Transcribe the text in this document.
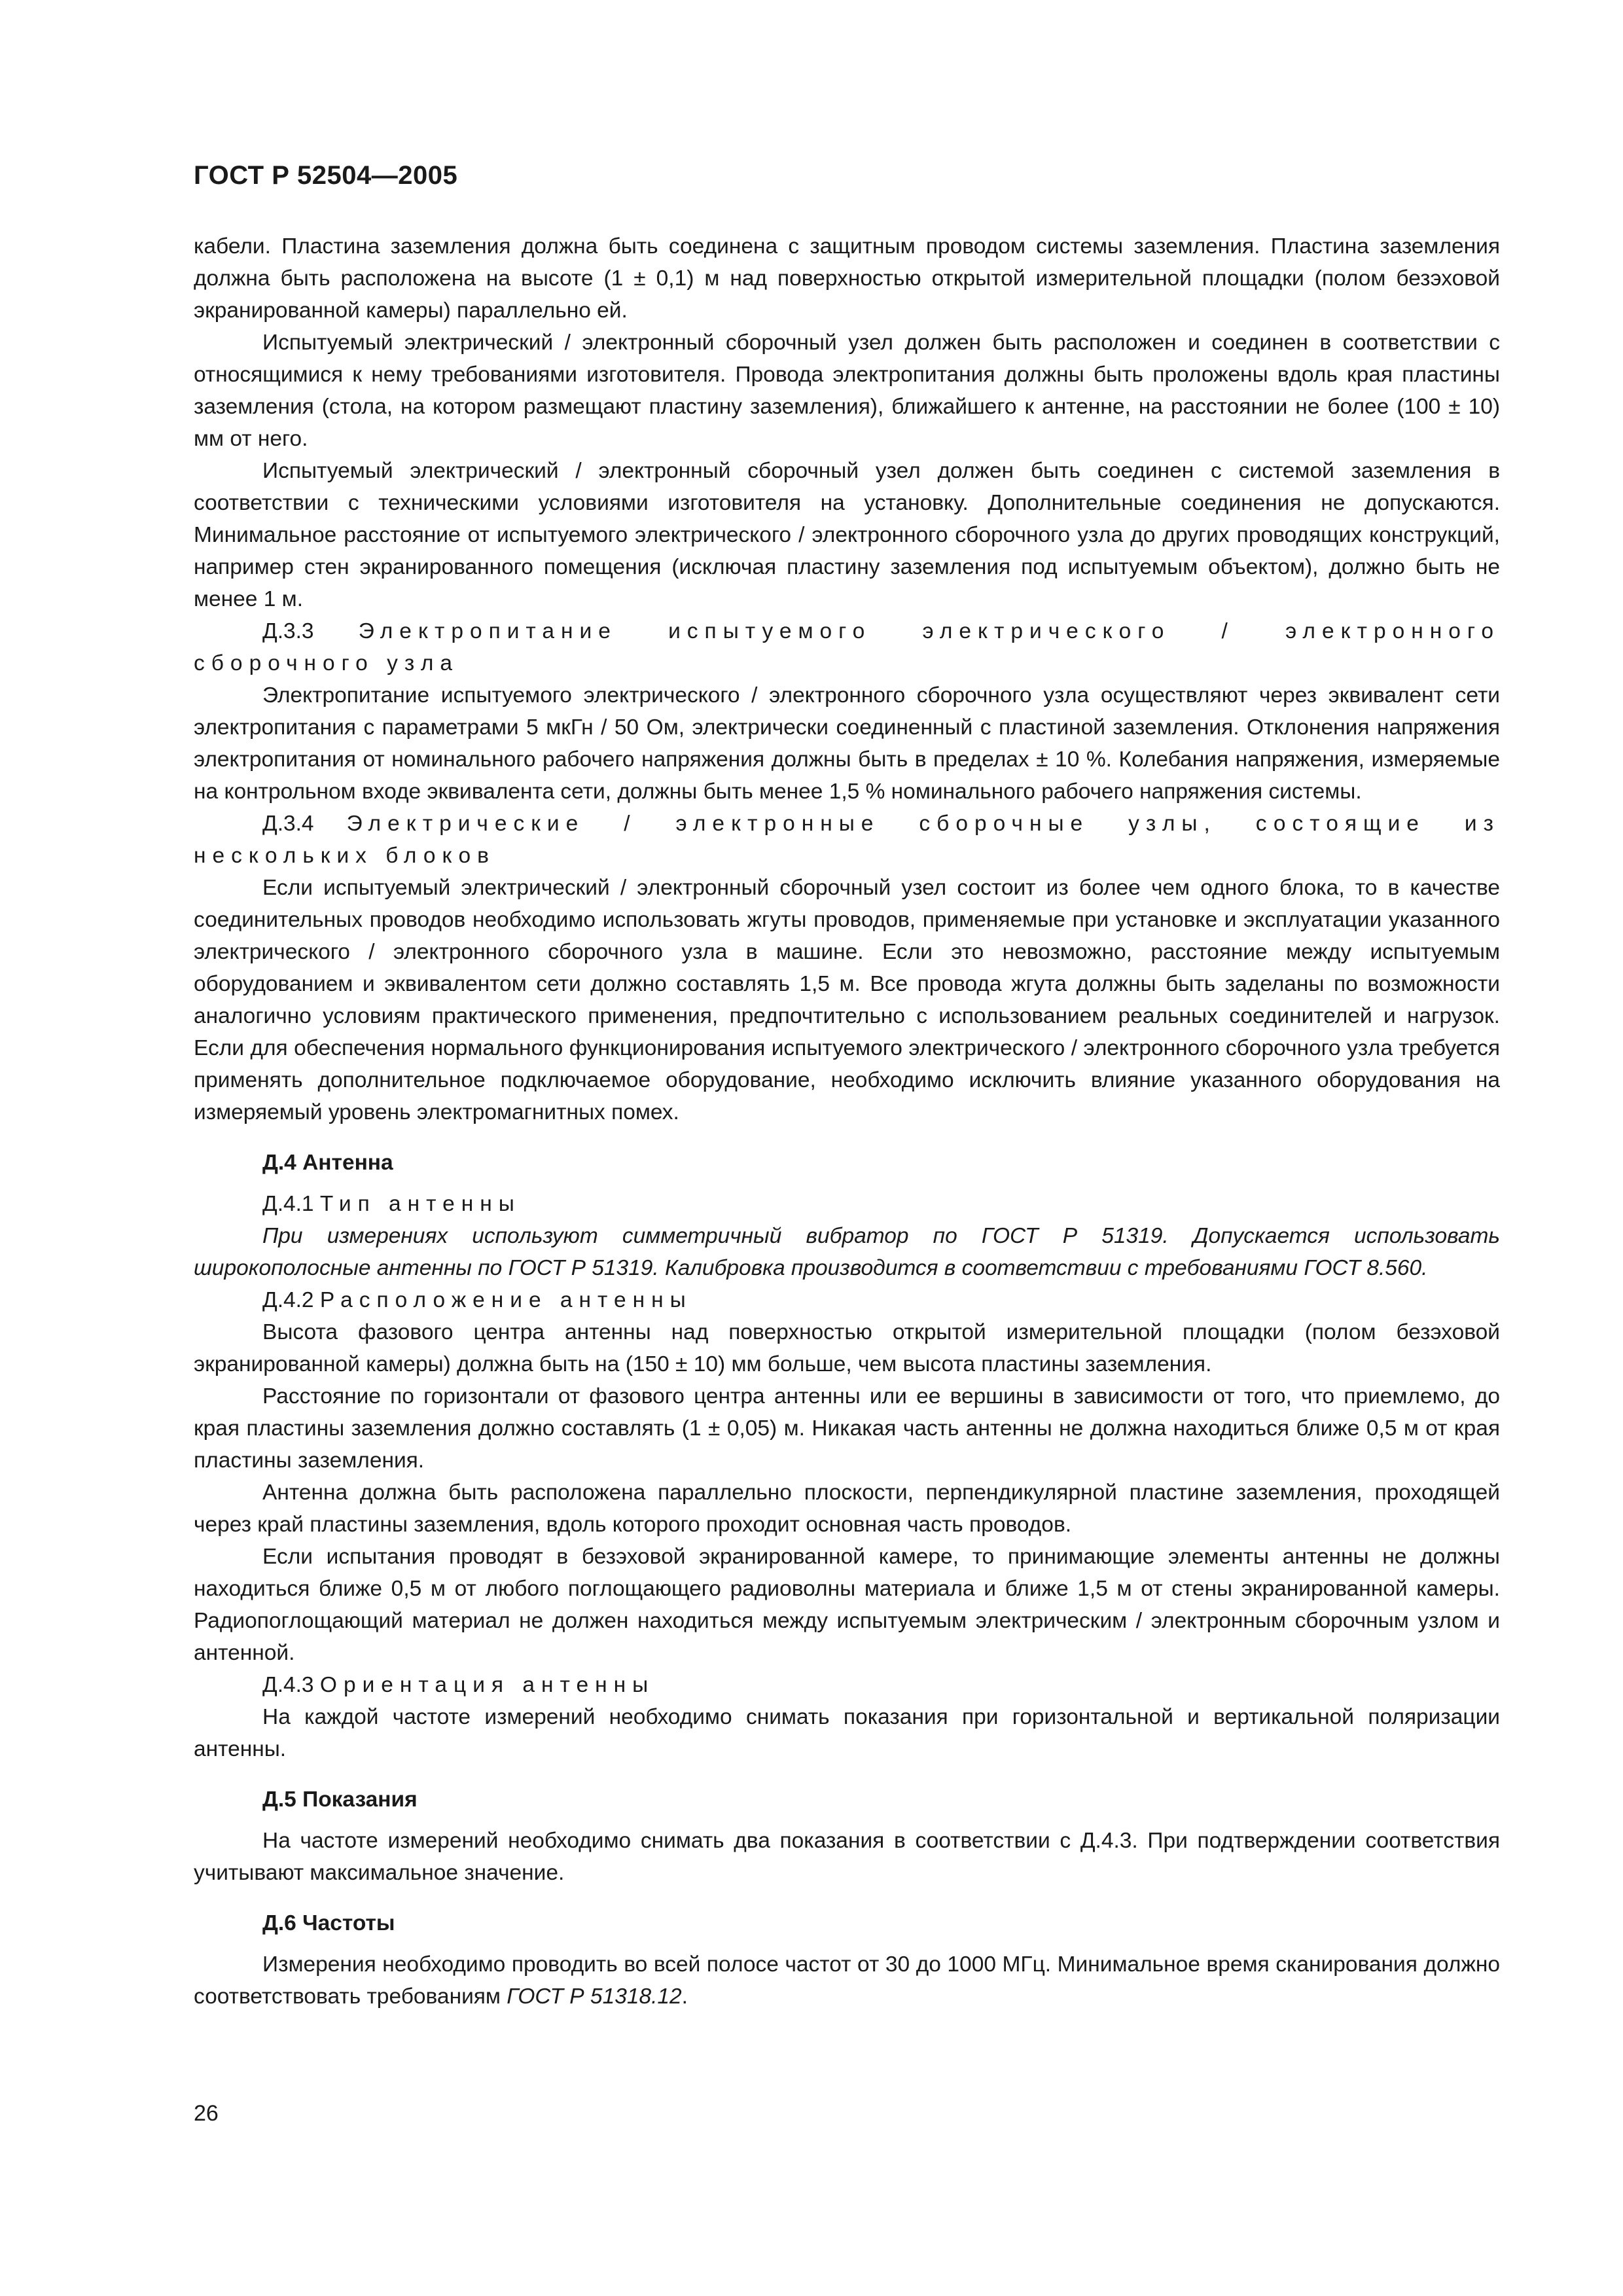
ГОСТ Р 52504—2005

кабели. Пластина заземления должна быть соединена с защитным проводом системы заземления. Пластина заземления должна быть расположена на высоте (1 ± 0,1) м над поверхностью открытой измерительной площадки (полом безэховой экранированной камеры) параллельно ей.

Испытуемый электрический / электронный сборочный узел должен быть расположен и соединен в соответствии с относящимися к нему требованиями изготовителя. Провода электропитания должны быть проложены вдоль края пластины заземления (стола, на котором размещают пластину заземления), ближайшего к антенне, на расстоянии не более (100 ± 10) мм от него.

Испытуемый электрический / электронный сборочный узел должен быть соединен с системой заземления в соответствии с техническими условиями изготовителя на установку. Дополнительные соединения не допускаются. Минимальное расстояние от испытуемого электрического / электронного сборочного узла до других проводящих конструкций, например стен экранированного помещения (исключая пластину заземления под испытуемым объектом), должно быть не менее 1 м.

Д.3.3 Электропитание испытуемого электрического / электронного сборочного узла

Электропитание испытуемого электрического / электронного сборочного узла осуществляют через эквивалент сети электропитания с параметрами 5 мкГн / 50 Ом, электрически соединенный с пластиной заземления. Отклонения напряжения электропитания от номинального рабочего напряжения должны быть в пределах ± 10 %. Колебания напряжения, измеряемые на контрольном входе эквивалента сети, должны быть менее 1,5 % номинального рабочего напряжения системы.

Д.3.4 Электрические / электронные сборочные узлы, состоящие из нескольких блоков

Если испытуемый электрический / электронный сборочный узел состоит из более чем одного блока, то в качестве соединительных проводов необходимо использовать жгуты проводов, применяемые при установке и эксплуатации указанного электрического / электронного сборочного узла в машине. Если это невозможно, расстояние между испытуемым оборудованием и эквивалентом сети должно составлять 1,5 м. Все провода жгута должны быть заделаны по возможности аналогично условиям практического применения, предпочтительно с использованием реальных соединителей и нагрузок. Если для обеспечения нормального функционирования испытуемого электрического / электронного сборочного узла требуется применять дополнительное подключаемое оборудование, необходимо исключить влияние указанного оборудования на измеряемый уровень электромагнитных помех.

Д.4 Антенна

Д.4.1 Тип антенны

При измерениях используют симметричный вибратор по ГОСТ Р 51319. Допускается использовать широкополосные антенны по ГОСТ Р 51319. Калибровка производится в соответствии с требованиями ГОСТ 8.560.

Д.4.2 Расположение антенны

Высота фазового центра антенны над поверхностью открытой измерительной площадки (полом безэховой экранированной камеры) должна быть на (150 ± 10) мм больше, чем высота пластины заземления.

Расстояние по горизонтали от фазового центра антенны или ее вершины в зависимости от того, что приемлемо, до края пластины заземления должно составлять (1 ± 0,05) м. Никакая часть антенны не должна находиться ближе 0,5 м от края пластины заземления.

Антенна должна быть расположена параллельно плоскости, перпендикулярной пластине заземления, проходящей через край пластины заземления, вдоль которого проходит основная часть проводов.

Если испытания проводят в безэховой экранированной камере, то принимающие элементы антенны не должны находиться ближе 0,5 м от любого поглощающего радиоволны материала и ближе 1,5 м от стены экранированной камеры. Радиопоглощающий материал не должен находиться между испытуемым электрическим / электронным сборочным узлом и антенной.

Д.4.3 Ориентация антенны

На каждой частоте измерений необходимо снимать показания при горизонтальной и вертикальной поляризации антенны.

Д.5 Показания

На частоте измерений необходимо снимать два показания в соответствии с Д.4.3. При подтверждении соответствия учитывают максимальное значение.

Д.6 Частоты

Измерения необходимо проводить во всей полосе частот от 30 до 1000 МГц. Минимальное время сканирования должно соответствовать требованиям ГОСТ Р 51318.12.

26
